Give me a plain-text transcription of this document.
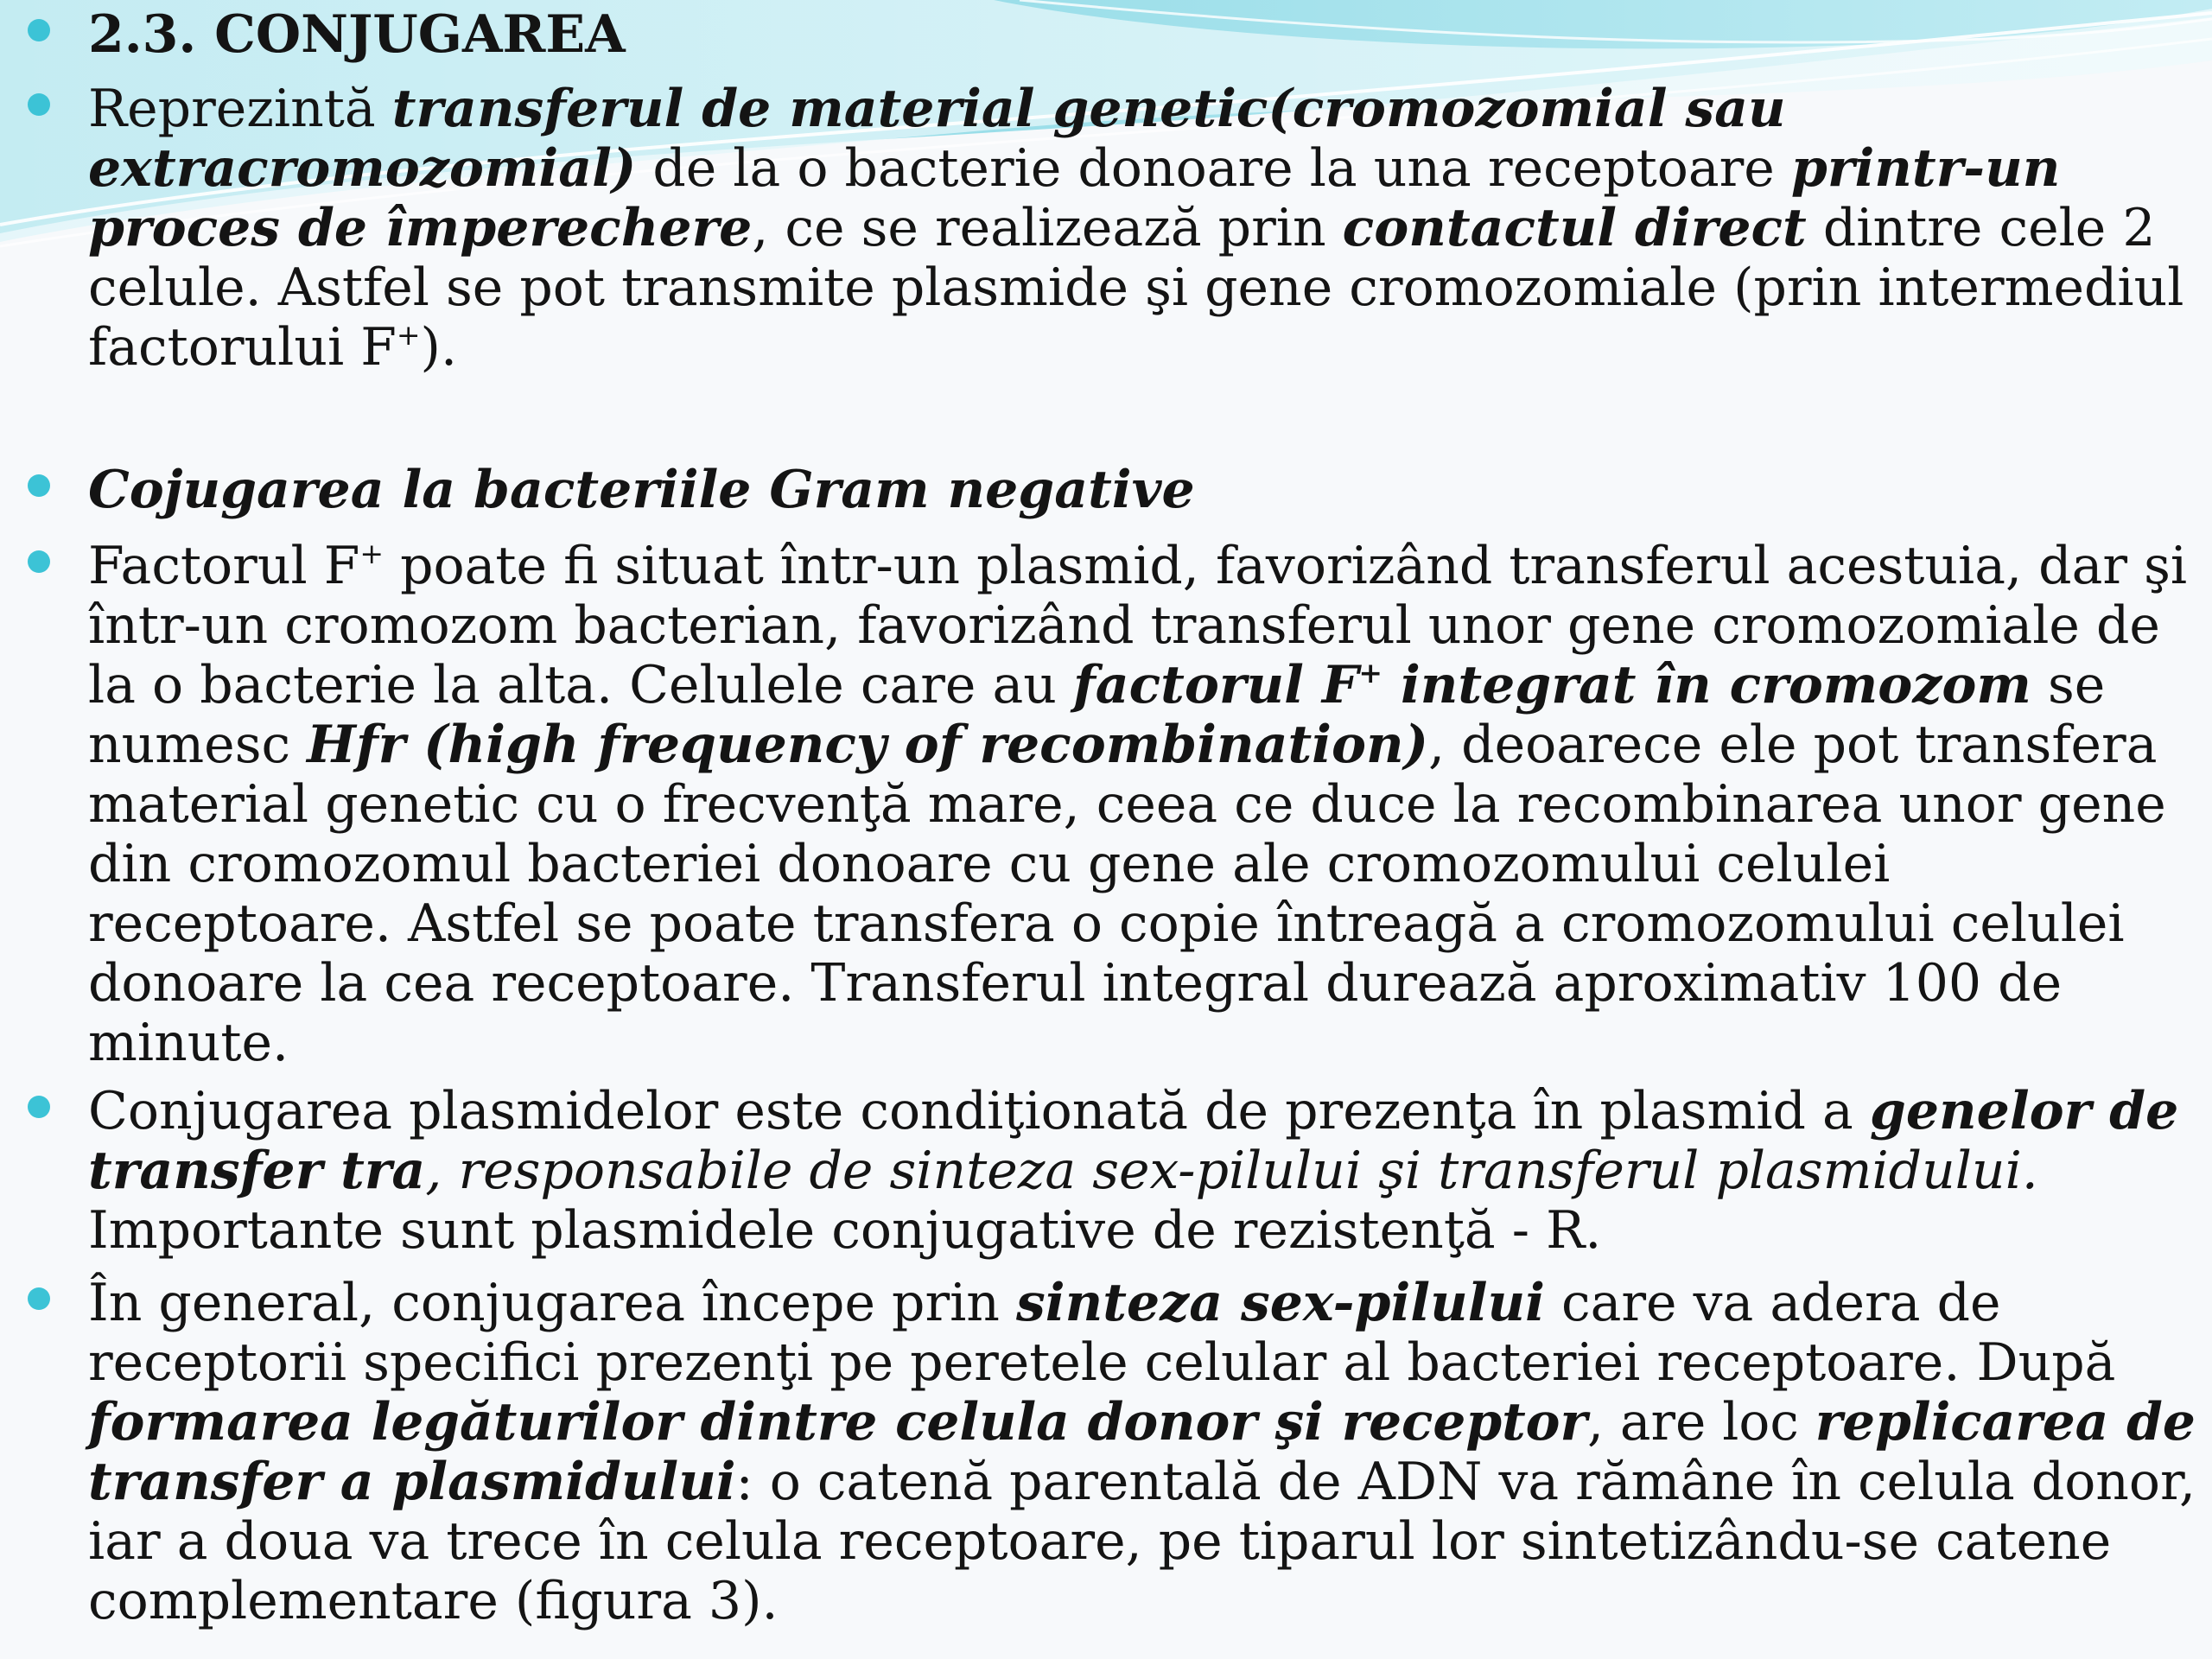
2.3. CONJUGAREA
Reprezintă transferul de material genetic(cromozomial sau
extracromozomial) de la o bacterie donoare la una receptoare printr-un
proces de împerechere, ce se realizează prin contactul direct dintre cele 2
celule. Astfel se pot transmite plasmide şi gene cromozomiale (prin intermediul
factorului F+).
Cojugarea la bacteriile Gram negative
Factorul F+ poate fi situat într-un plasmid, favorizând transferul acestuia, dar şi
într-un cromozom bacterian, favorizând transferul unor gene cromozomiale de
la o bacterie la alta. Celulele care au factorul F+ integrat în cromozom se
numesc Hfr (high frequency of recombination), deoarece ele pot transfera
material genetic cu o frecvenţă mare, ceea ce duce la recombinarea unor gene
din cromozomul bacteriei donoare cu gene ale cromozomului celulei
receptoare. Astfel se poate transfera o copie întreagă a cromozomului celulei
donoare la cea receptoare. Transferul integral durează aproximativ 100 de
minute.
Conjugarea plasmidelor este condiţionată de prezenţa în plasmid a genelor de
transfer tra, responsabile de sinteza sex-pilului şi transferul plasmidului.
Importante sunt plasmidele conjugative de rezistenţă - R.
În general, conjugarea începe prin sinteza sex-pilului care va adera de
receptorii specifici prezenţi pe peretele celular al bacteriei receptoare. După
formarea legăturilor dintre celula donor şi receptor, are loc replicarea de
transfer a plasmidului: o catenă parentală de ADN va rămâne în celula donor,
iar a doua va trece în celula receptoare, pe tiparul lor sintetizându-se catene
complementare (figura 3).
